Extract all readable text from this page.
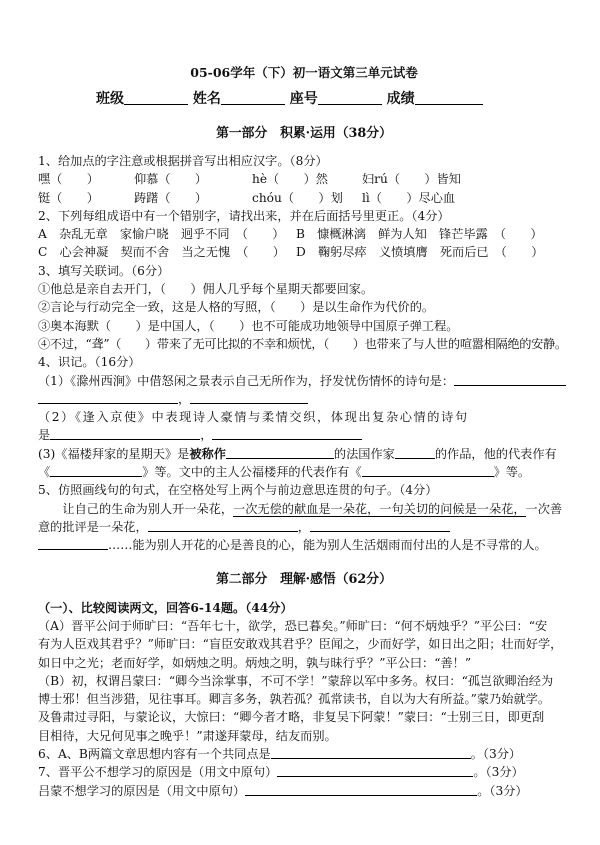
05-06学年（下）初一语文第三单元试卷

班级	姓名	座号	成绩

第一部分　积累·运用（38分）

1、给加点的字注意或根据拼音写出相应汉字。（8分）

嘿（　　）	仰慕（　　）	hè（　　）然	妇rú（　　）皆知

铤（　　）	踌躇（　　）	chóu（　　）划 lì（　　）尽心血

2、下列每组成语中有一个错别字，请找出来，并在后面括号里更正。（4分）

A　杂乱无章　家愉户晓　迥乎不同　（　　） B　慷概淋漓　鲜为人知　锋芒毕露　（　　）

C　心会神凝　契而不舍　当之无愧　（　　） D　鞠躬尽瘁　义愤填膺　死而后已　（　　）

3、填写关联词。（6分）

①他总是亲自去开门，（　　）佣人几乎每个星期天都要回家。

②言论与行动完全一致，这是人格的写照，（　　）是以生命作为代价的。

③奥本海默（　　）是中国人，（　　）也不可能成功地领导中国原子弹工程。

④不过，“聋”（　　）带来了无可比拟的不幸和烦忧，（　　）也带来了与人世的喧嚣相隔绝的安静。

4、识记。（16分）

（1）《滁州西涧》中借怒闲之景表示自己无所作为，抒发忧伤情怀的诗句是：

，

（2）《逢入京使》中表现诗人豪情与柔情交织，体现出复杂心情的诗句

是	，

(3)《福楼拜家的星期天》是被称作	的法国作家	的作品，他的代表作有

《	》等。文中的主人公福楼拜的代表作有《	》等。

5、仿照画线句的句式，在空格处写上两个与前边意思连贯的句子。（4分）

让自己的生命为别人开一朵花，一次无偿的献血是一朵花，一句关切的问候是一朵花，一次善

意的批评是一朵花，	，

……能为别人开花的心是善良的心，能为别人生活烟雨而付出的人是不寻常的人。

第二部分　理解·感悟（62分）

（一）、比较阅读两文，回答6-14题。（44分）

（A）晋平公问于师旷曰：“吾年七十，欲学，恐已暮矣。”师旷曰：“何不炳烛乎？”平公曰：“安

有为人臣戏其君乎？”师旷曰：“盲臣安敢戏其君乎？臣闻之，少而好学，如日出之阳；壮而好学，

如日中之光；老而好学，如炳烛之明。炳烛之明，孰与昧行乎？”平公曰：“善！”

（B）初，权谓吕蒙曰：“卿今当涂掌事，不可不学！”蒙辞以军中多务。权曰：“孤岂欲卿治经为

博士邪！但当涉猎，见往事耳。卿言多务，孰若孤？孤常读书，自以为大有所益。”蒙乃始就学。

及鲁肃过寻阳，与蒙论议，大惊曰：“卿今者才略，非复吴下阿蒙！”蒙曰：“士别三日，即更刮

目相待，大兄何见事之晚乎！”肃遂拜蒙母，结友而别。

6、A、B两篇文章思想内容有一个共同点是	。（3分）

7、晋平公不想学习的原因是（用文中原句）	。（3分）

吕蒙不想学习的原因是（用文中原句）	。（3分）
